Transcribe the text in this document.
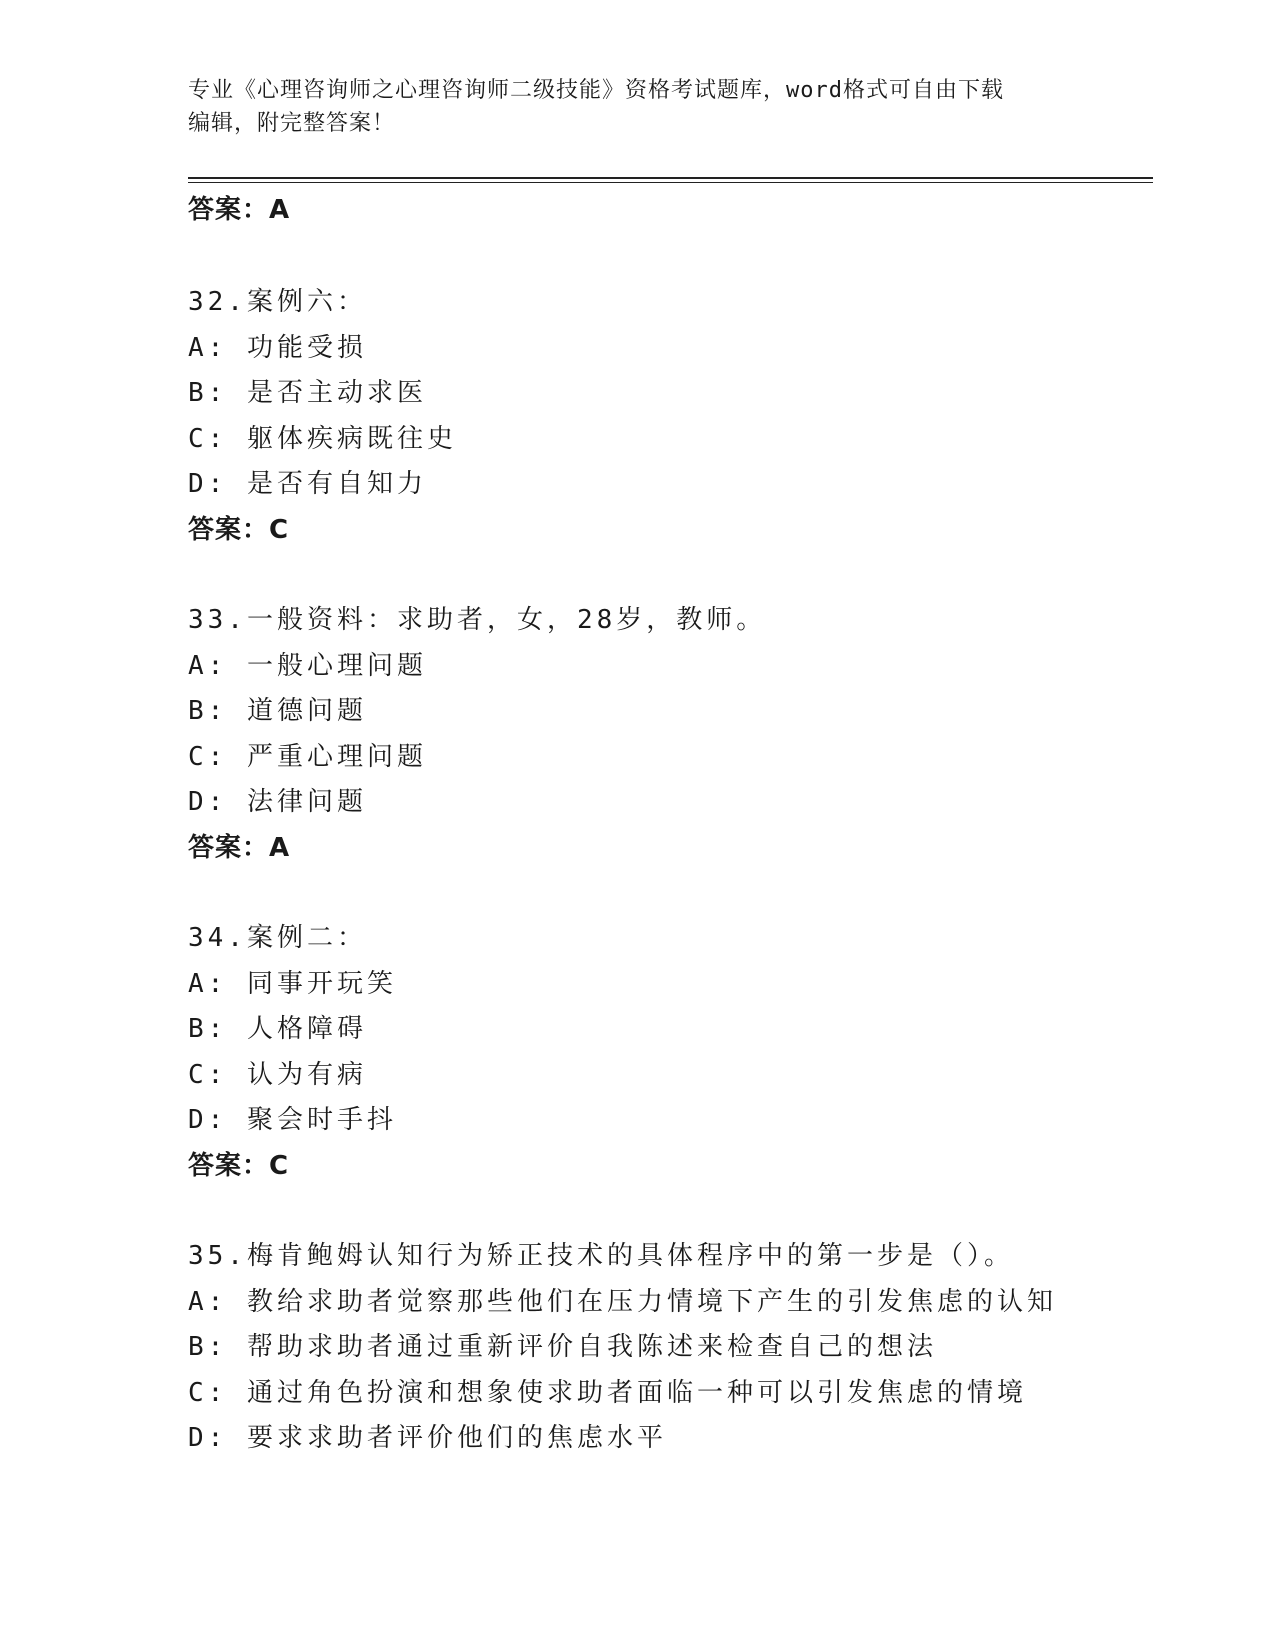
专业《心理咨询师之心理咨询师二级技能》资格考试题库，word格式可自由下载
编辑，附完整答案！
答案：A
32.案例六：
A: 功能受损
B: 是否主动求医
C: 躯体疾病既往史
D: 是否有自知力
答案：C
33.一般资料：求助者，女，28岁，教师。
A: 一般心理问题
B: 道德问题
C: 严重心理问题
D: 法律问题
答案：A
34.案例二：
A: 同事开玩笑
B: 人格障碍
C: 认为有病
D: 聚会时手抖
答案：C
35.梅肯鲍姆认知行为矫正技术的具体程序中的第一步是（）。
A: 教给求助者觉察那些他们在压力情境下产生的引发焦虑的认知
B: 帮助求助者通过重新评价自我陈述来检查自己的想法
C: 通过角色扮演和想象使求助者面临一种可以引发焦虑的情境
D: 要求求助者评价他们的焦虑水平
